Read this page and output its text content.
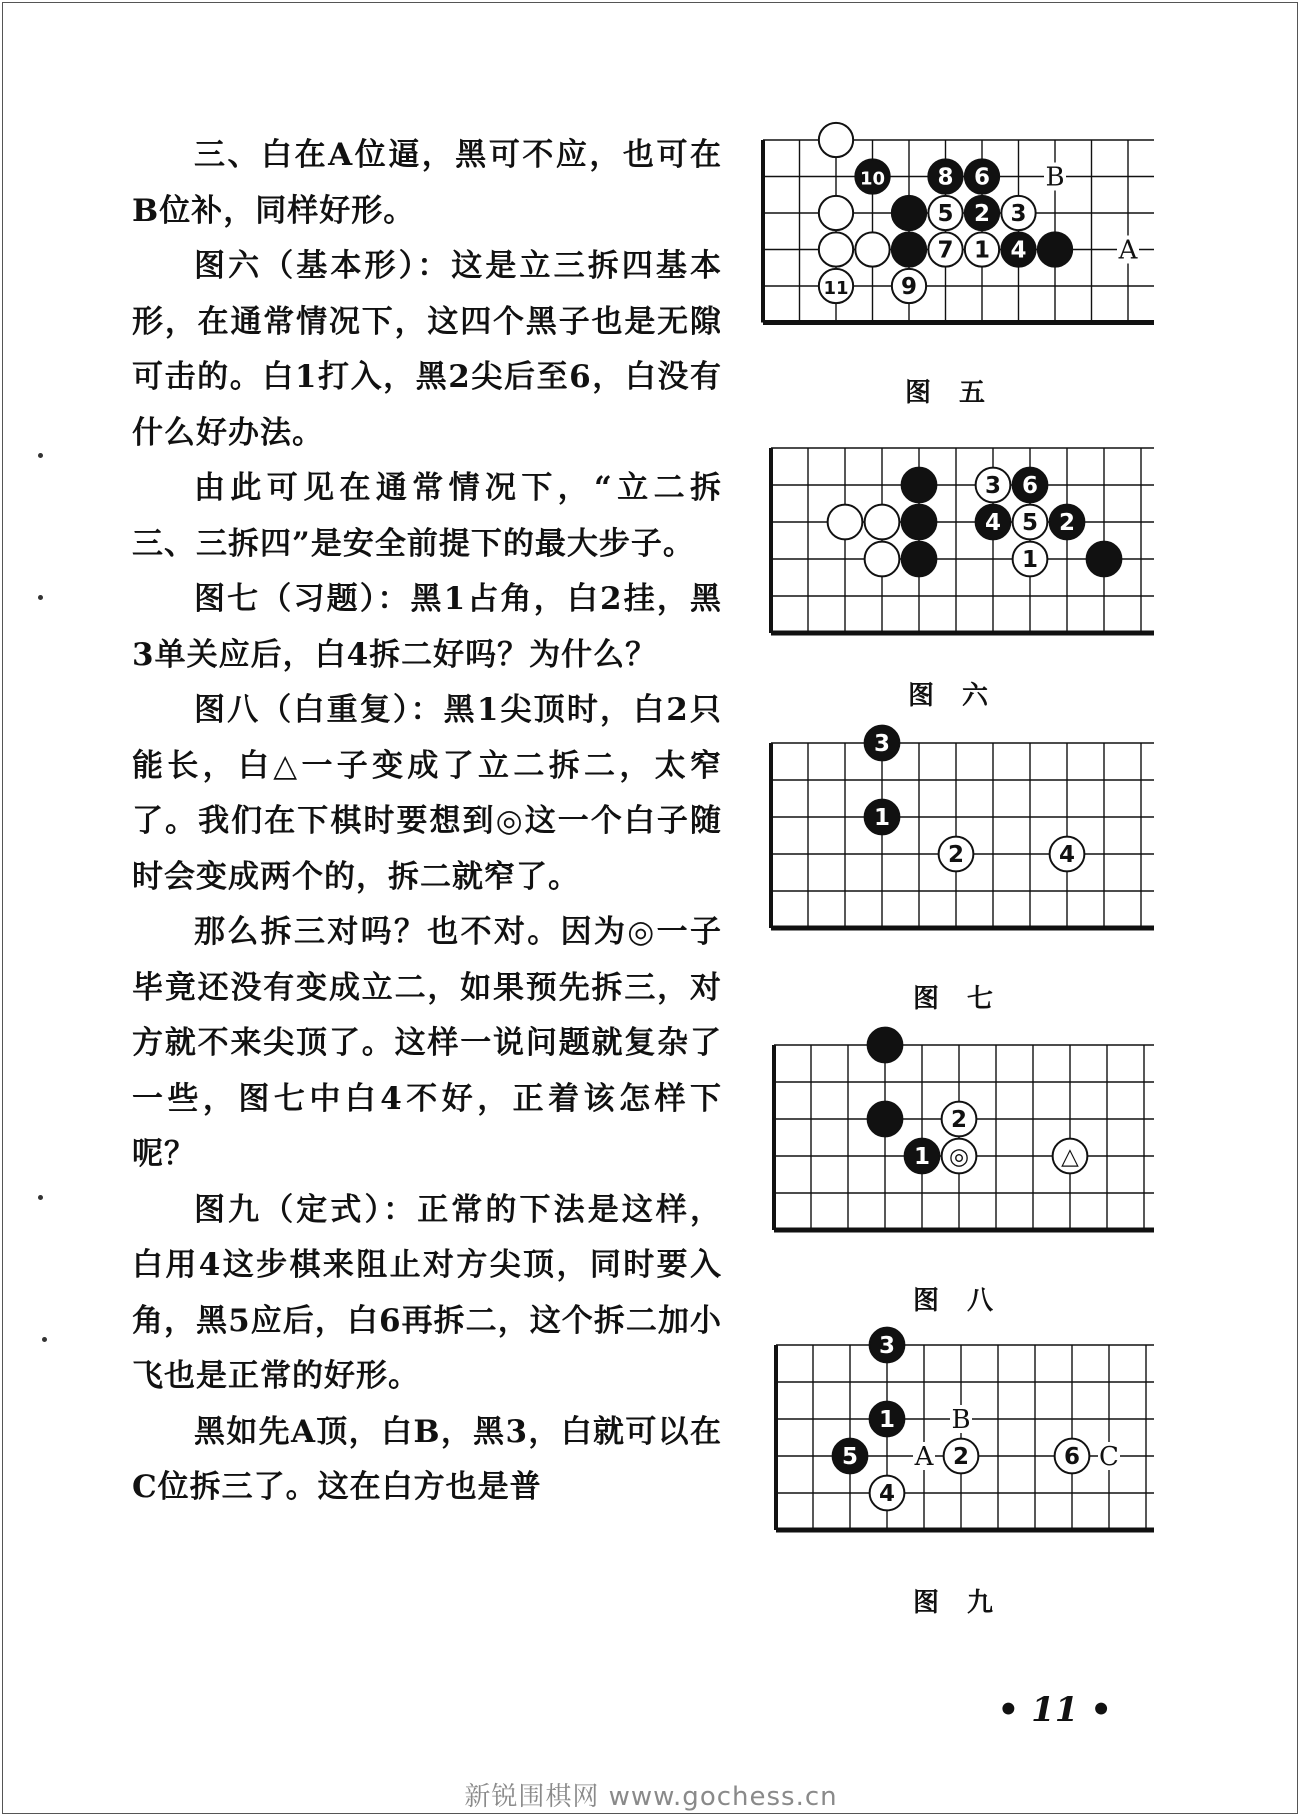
三、白在A位逼，黑可不应，也可在B位补，同样好形。

图六（基本形）：这是立三拆四基本形，在通常情况下，这四个黑子也是无隙可击的。白1打入，黑2尖后至6，白没有什么好办法。

由此可见在通常情况下，“立二拆三、三拆四”是安全前提下的最大步子。

图七（习题）：黑1占角，白2挂，黑3单关应后，白4拆二好吗？为什么？

图八（白重复）：黑1尖顶时，白2只能长，白△一子变成了立二拆二，太窄了。我们在下棋时要想到◎这一个白子随时会变成两个的，拆二就窄了。

那么拆三对吗？也不对。因为◎一子毕竟还没有变成立二，如果预先拆三，对方就不来尖顶了。这样一说问题就复杂了一些，图七中白4不好，正着该怎样下呢？

图九（定式）：正常的下法是这样，白用4这步棋来阻止对方尖顶，同时要入角，黑5应后，白6再拆二，这个拆二加小飞也是正常的好形。

黑如先A顶，白B，黑3，白就可以在C位拆三了。这在白方也是普

10 8 6
5 2 3
7 1 4
11 9
B
A
图　五
3 6
4 5 2
1
图　六
3
1
2	4
图　七
2
1 ◎	△
图　八
3
1
5	2
4
6
B
A	C
图　九
• 11 •
新锐围棋网 www.gochess.cn
